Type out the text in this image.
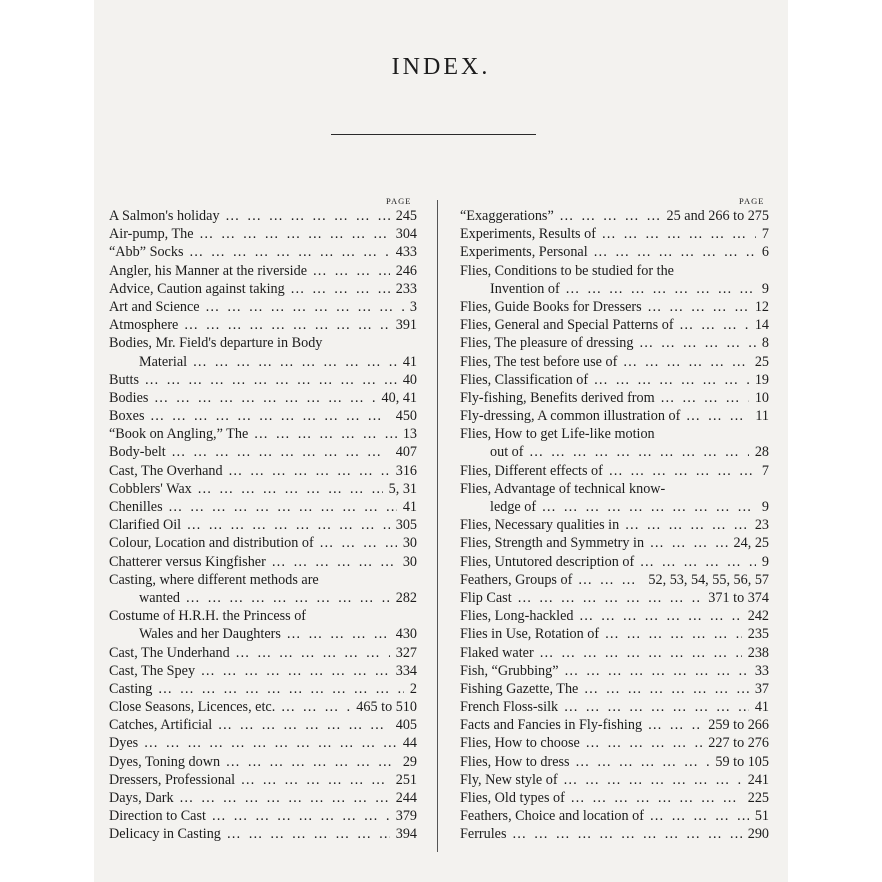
INDEX.
PAGE	PAGE
A Salmon's holiday … … … … … … … … … … … … … … … … … …	245
Air-pump, The … … … … … … … … … … … … … … … … … …	304
“Abb” Socks … … … … … … … … … … … … … … … … … …	433
Angler, his Manner at the riverside … … … … … … … … … … … … … … … … … …	246
Advice, Caution against taking … … … … … … … … … … … … … … … … … …	233
Art and Science … … … … … … … … … … … … … … … … … …	3
Atmosphere … … … … … … … … … … … … … … … … … …	391
Bodies, Mr. Field's departure in Body
Material … … … … … … … … … … … … … … … … … …	41
Butts … … … … … … … … … … … … … … … … … …	40
Bodies … … … … … … … … … … … … … … … … … …	40, 41
Boxes … … … … … … … … … … … … … … … … … …	450
“Book on Angling,” The … … … … … … … … … … … … … … … … … …	13
Body-belt … … … … … … … … … … … … … … … … … …	407
Cast, The Overhand … … … … … … … … … … … … … … … … … …	316
Cobblers' Wax … … … … … … … … … … … … … … … … … …	5, 31
Chenilles … … … … … … … … … … … … … … … … … …	41
Clarified Oil … … … … … … … … … … … … … … … … … …	305
Colour, Location and distribution of … … … … … … … … … … … … … … … … … …	30
Chatterer versus Kingfisher … … … … … … … … … … … … … … … … … …	30
Casting, where different methods are
wanted … … … … … … … … … … … … … … … … … …	282
Costume of H.R.H. the Princess of
Wales and her Daughters … … … … … … … … … … … … … … … … … …	430
Cast, The Underhand … … … … … … … … … … … … … … … … … …	327
Cast, The Spey … … … … … … … … … … … … … … … … … …	334
Casting … … … … … … … … … … … … … … … … … …	2
Close Seasons, Licences, etc. … … … … … … … … … … … … … … … … … …	465 to 510
Catches, Artificial … … … … … … … … … … … … … … … … … …	405
Dyes … … … … … … … … … … … … … … … … … …	44
Dyes, Toning down … … … … … … … … … … … … … … … … … …	29
Dressers, Professional … … … … … … … … … … … … … … … … … …	251
Days, Dark … … … … … … … … … … … … … … … … … …	244
Direction to Cast … … … … … … … … … … … … … … … … … …	379
Delicacy in Casting … … … … … … … … … … … … … … … … … …	394
“Exaggerations” … … … … … … … … … … … … … … … … … …	25 and 266 to 275
Experiments, Results of … … … … … … … … … … … … … … … … … …	7
Experiments, Personal … … … … … … … … … … … … … … … … … …	6
Flies, Conditions to be studied for the
Invention of … … … … … … … … … … … … … … … … … …	9
Flies, Guide Books for Dressers … … … … … … … … … … … … … … … … … …	12
Flies, General and Special Patterns of … … … … … … … … … … … … … … … … … …	14
Flies, The pleasure of dressing … … … … … … … … … … … … … … … … … …	8
Flies, The test before use of … … … … … … … … … … … … … … … … … …	25
Flies, Classification of … … … … … … … … … … … … … … … … … …	19
Fly-fishing, Benefits derived from … … … … … … … … … … … … … … … … … …	10
Fly-dressing, A common illustration of … … … … … … … … … … … … … … … … … …	11
Flies, How to get Life-like motion
out of … … … … … … … … … … … … … … … … … …	28
Flies, Different effects of … … … … … … … … … … … … … … … … … …	7
Flies, Advantage of technical know-
ledge of … … … … … … … … … … … … … … … … … …	9
Flies, Necessary qualities in … … … … … … … … … … … … … … … … … …	23
Flies, Strength and Symmetry in … … … … … … … … … … … … … … … … … …	24, 25
Flies, Untutored description of … … … … … … … … … … … … … … … … … …	9
Feathers, Groups of … … … … … … … … … … … … … … … … … …	52, 53, 54, 55, 56, 57
Flip Cast … … … … … … … … … … … … … … … … … …	371 to 374
Flies, Long-hackled … … … … … … … … … … … … … … … … … …	242
Flies in Use, Rotation of … … … … … … … … … … … … … … … … … …	235
Flaked water … … … … … … … … … … … … … … … … … …	238
Fish, “Grubbing” … … … … … … … … … … … … … … … … … …	33
Fishing Gazette, The … … … … … … … … … … … … … … … … … …	37
French Floss-silk … … … … … … … … … … … … … … … … … …	41
Facts and Fancies in Fly-fishing … … … … … … … … … … … … … … … … … …	259 to 266
Flies, How to choose … … … … … … … … … … … … … … … … … …	227 to 276
Flies, How to dress … … … … … … … … … … … … … … … … … …	59 to 105
Fly, New style of … … … … … … … … … … … … … … … … … …	241
Flies, Old types of … … … … … … … … … … … … … … … … … …	225
Feathers, Choice and location of … … … … … … … … … … … … … … … … … …	51
Ferrules … … … … … … … … … … … … … … … … … …	290
